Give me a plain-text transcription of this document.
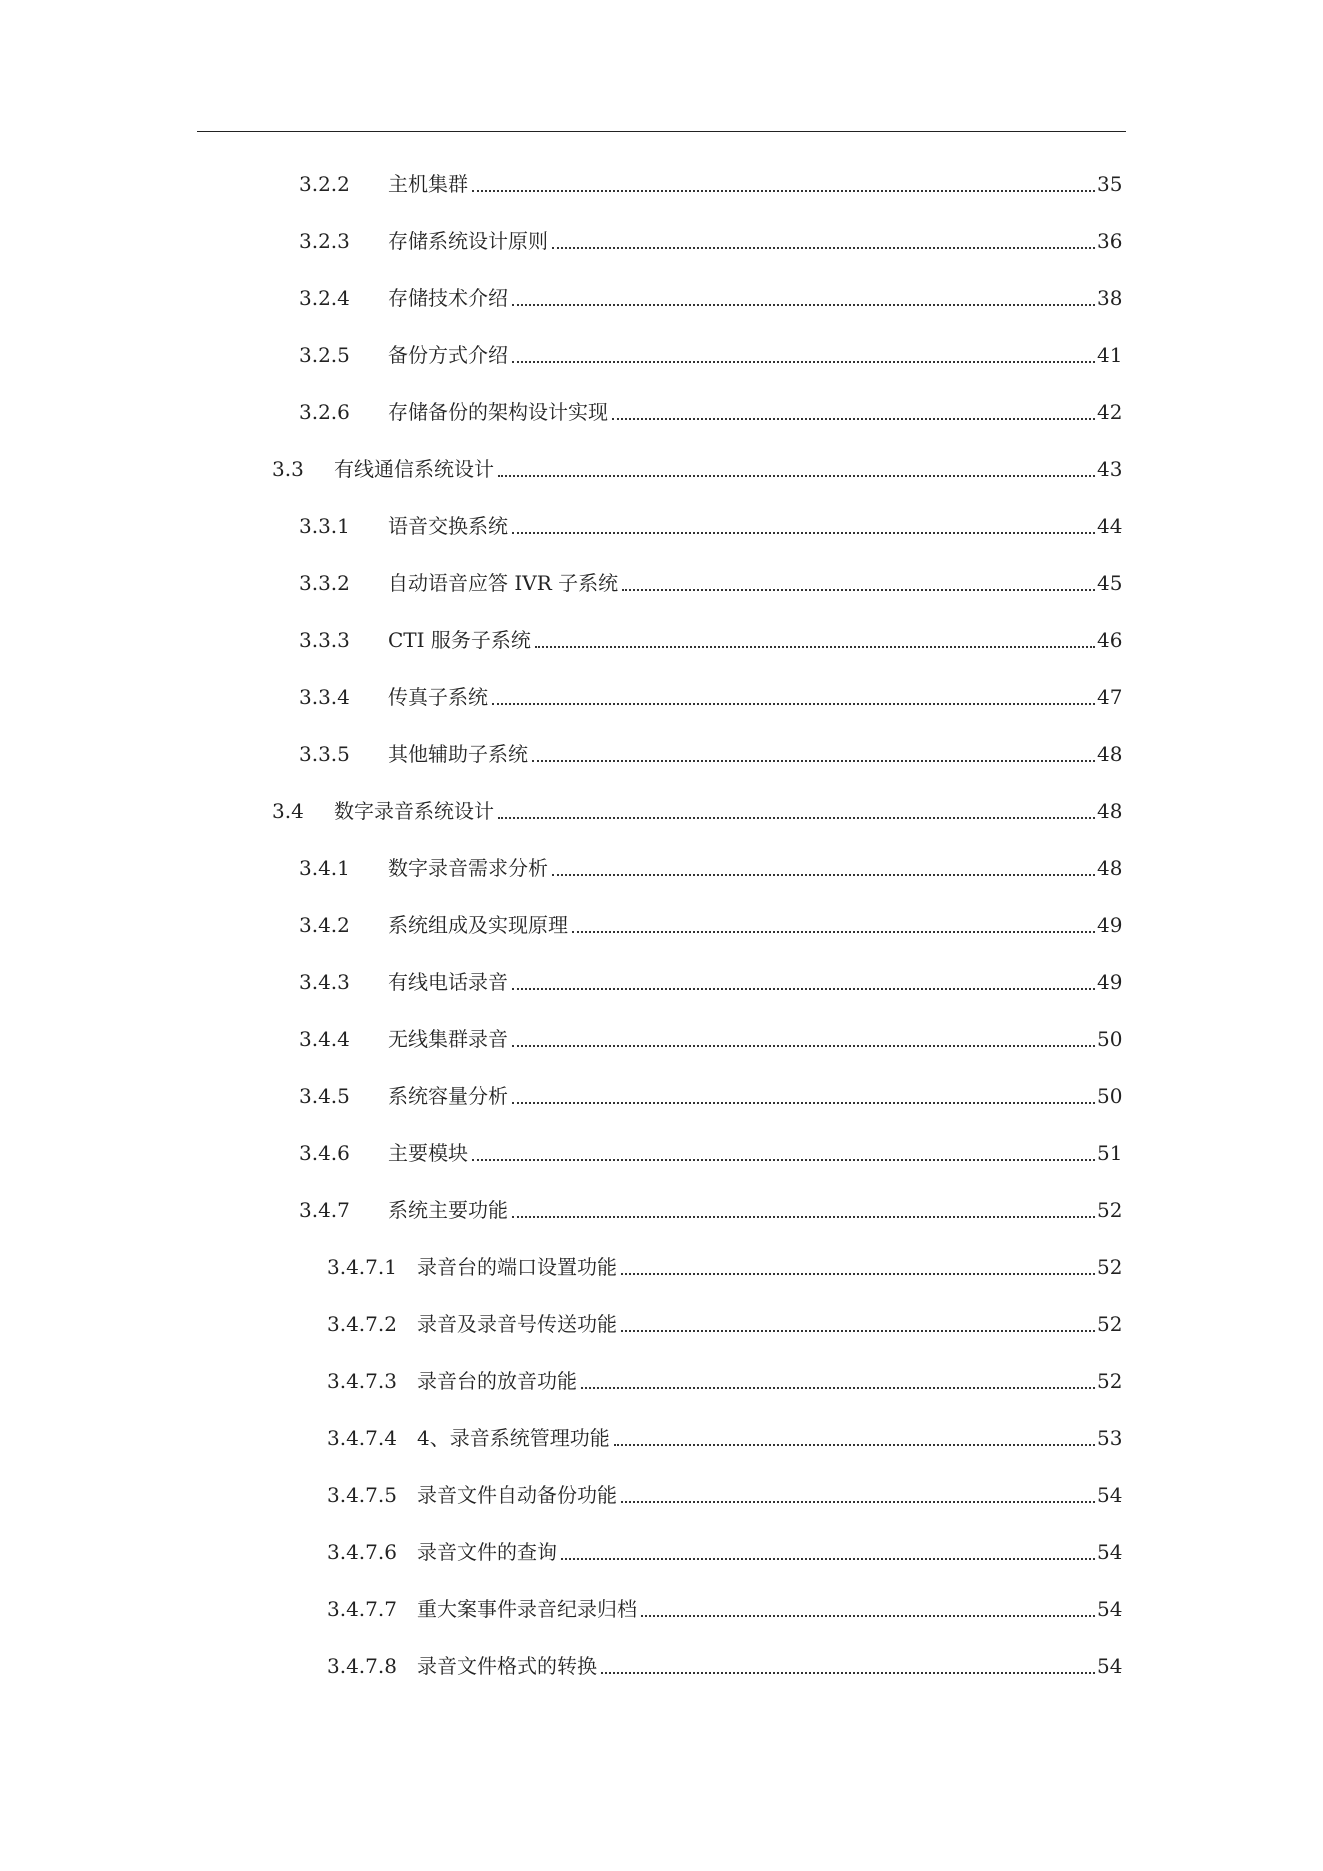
3.2.2	主机集群	35
3.2.3	存储系统设计原则	36
3.2.4	存储技术介绍	38
3.2.5	备份方式介绍	41
3.2.6	存储备份的架构设计实现	42
3.3	有线通信系统设计	43
3.3.1	语音交换系统	44
3.3.2	自动语音应答 IVR 子系统	45
3.3.3	CTI 服务子系统	46
3.3.4	传真子系统	47
3.3.5	其他辅助子系统	48
3.4	数字录音系统设计	48
3.4.1	数字录音需求分析	48
3.4.2	系统组成及实现原理	49
3.4.3	有线电话录音	49
3.4.4	无线集群录音	50
3.4.5	系统容量分析	50
3.4.6	主要模块	51
3.4.7	系统主要功能	52
3.4.7.1	录音台的端口设置功能	52
3.4.7.2	录音及录音号传送功能	52
3.4.7.3	录音台的放音功能	52
3.4.7.4	4、录音系统管理功能	53
3.4.7.5	录音文件自动备份功能	54
3.4.7.6	录音文件的查询	54
3.4.7.7	重大案事件录音纪录归档	54
3.4.7.8	录音文件格式的转换	54
